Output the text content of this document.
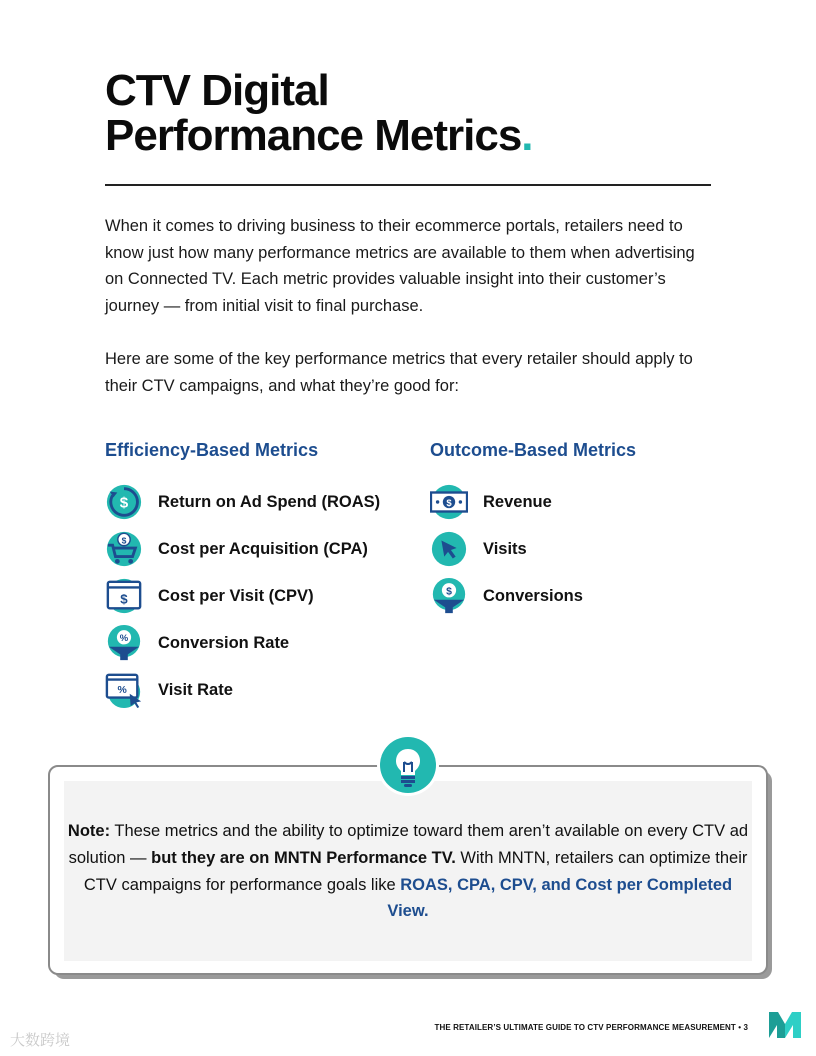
CTV Digital
Performance Metrics.

When it comes to driving business to their ecommerce portals, retailers need to know just how many performance metrics are available to them when advertising on Connected TV. Each metric provides valuable insight into their customer’s journey — from initial visit to final purchase.

Here are some of the key performance metrics that every retailer should apply to their CTV campaigns, and what they’re good for:

Efficiency-Based Metrics	Outcome-Based Metrics
$ Return on Ad Spend (ROAS)
$ Cost per Acquisition (CPA)
$ Cost per Visit (CPV)
% Conversion Rate
% Visit Rate
$ Revenue
Visits
$ Conversions

Note: These metrics and the ability to optimize toward them aren’t available on every CTV ad solution — but they are on MNTN Performance TV. With MNTN, retailers can optimize their CTV campaigns for performance goals like ROAS, CPA, CPV, and Cost per Completed View.

THE RETAILER’S ULTIMATE GUIDE TO CTV PERFORMANCE MEASUREMENT • 3
大数跨境
